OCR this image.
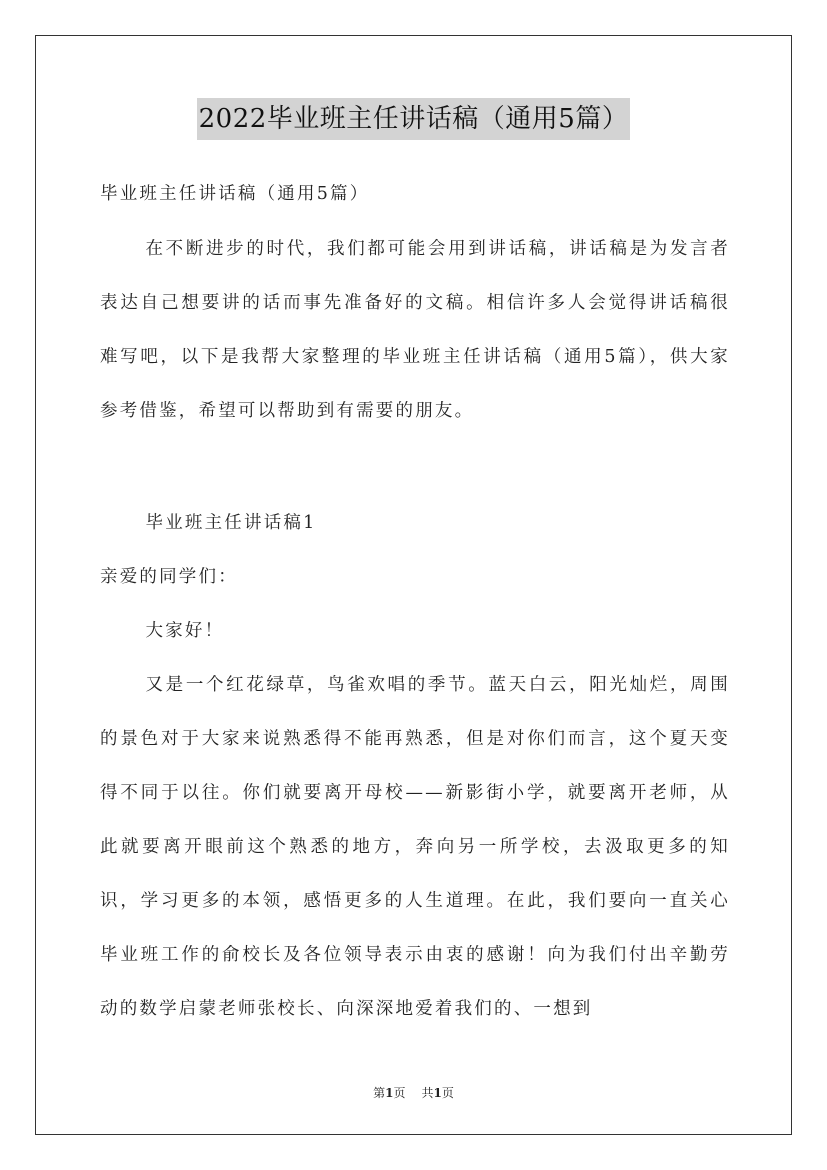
2022毕业班主任讲话稿（通用5篇）
毕业班主任讲话稿（通用5篇）
在不断进步的时代，我们都可能会用到讲话稿，讲话稿是为发言者表达自己想要讲的话而事先准备好的文稿。相信许多人会觉得讲话稿很难写吧，以下是我帮大家整理的毕业班主任讲话稿（通用5篇），供大家参考借鉴，希望可以帮助到有需要的朋友。
毕业班主任讲话稿1
亲爱的同学们：
大家好！
又是一个红花绿草，鸟雀欢唱的季节。蓝天白云，阳光灿烂，周围的景色对于大家来说熟悉得不能再熟悉，但是对你们而言，这个夏天变得不同于以往。你们就要离开母校——新影街小学，就要离开老师，从此就要离开眼前这个熟悉的地方，奔向另一所学校，去汲取更多的知识，学习更多的本领，感悟更多的人生道理。在此，我们要向一直关心毕业班工作的俞校长及各位领导表示由衷的感谢！向为我们付出辛勤劳动的数学启蒙老师张校长、向深深地爱着我们的、一想到
第1页 共1页
